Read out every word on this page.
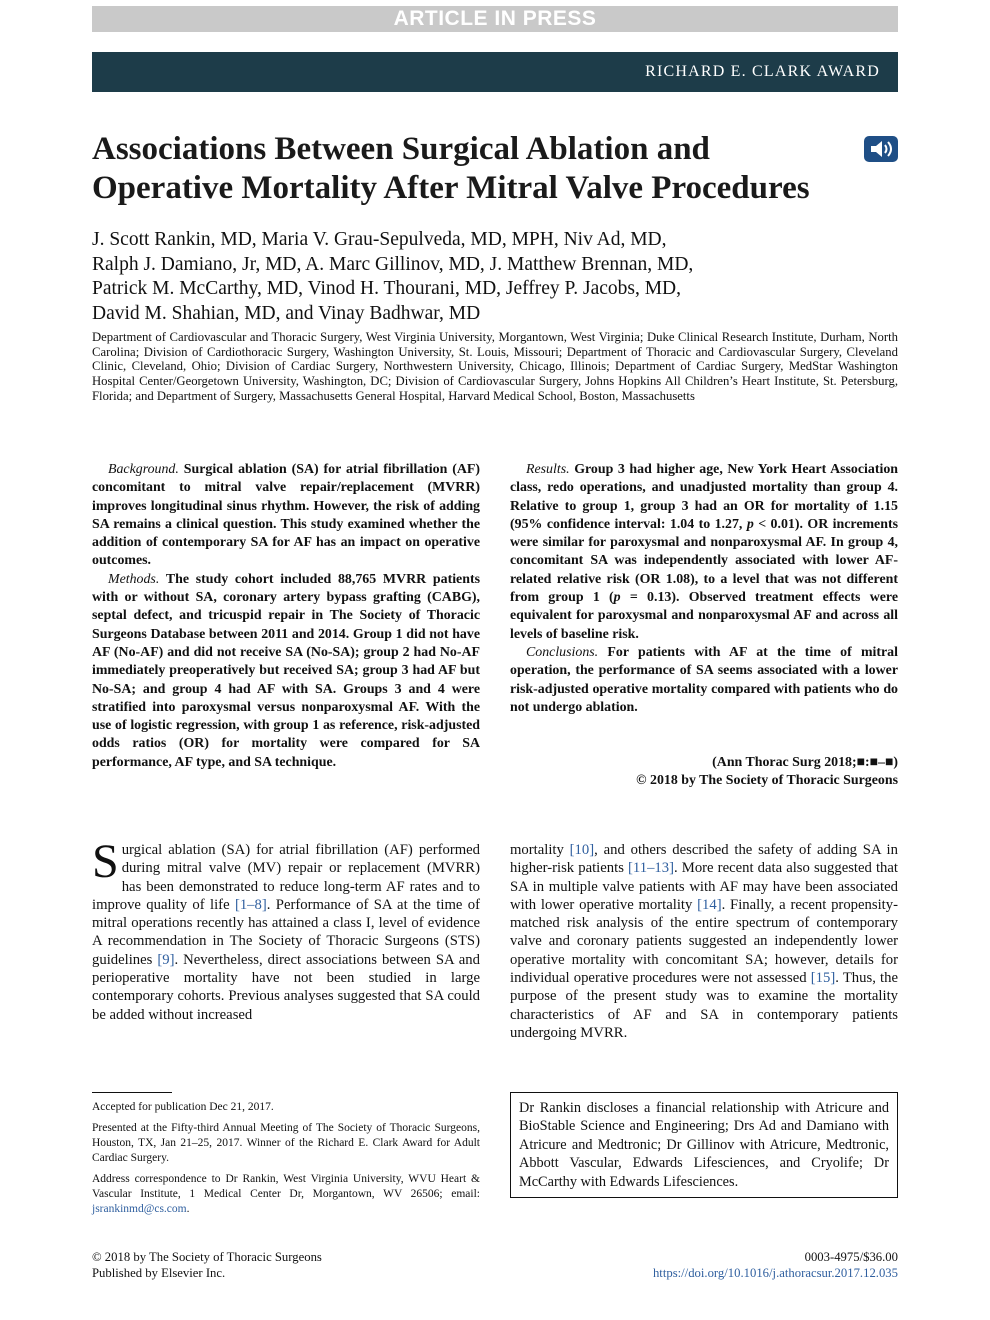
ARTICLE IN PRESS
RICHARD E. CLARK AWARD
Associations Between Surgical Ablation and
Operative Mortality After Mitral Valve Procedures
J. Scott Rankin, MD, Maria V. Grau-Sepulveda, MD, MPH, Niv Ad, MD,
Ralph J. Damiano, Jr, MD, A. Marc Gillinov, MD, J. Matthew Brennan, MD,
Patrick M. McCarthy, MD, Vinod H. Thourani, MD, Jeffrey P. Jacobs, MD,
David M. Shahian, MD, and Vinay Badhwar, MD
Department of Cardiovascular and Thoracic Surgery, West Virginia University, Morgantown, West Virginia; Duke Clinical Research Institute, Durham, North Carolina; Division of Cardiothoracic Surgery, Washington University, St. Louis, Missouri; Department of Thoracic and Cardiovascular Surgery, Cleveland Clinic, Cleveland, Ohio; Division of Cardiac Surgery, Northwestern University, Chicago, Illinois; Department of Cardiac Surgery, MedStar Washington Hospital Center/Georgetown University, Washington, DC; Division of Cardiovascular Surgery, Johns Hopkins All Children’s Heart Institute, St. Petersburg, Florida; and Department of Surgery, Massachusetts General Hospital, Harvard Medical School, Boston, Massachusetts

Background. Surgical ablation (SA) for atrial fibrillation (AF) concomitant to mitral valve repair/replacement (MVRR) improves longitudinal sinus rhythm. However, the risk of adding SA remains a clinical question. This study examined whether the addition of contemporary SA for AF has an impact on operative outcomes.

Methods. The study cohort included 88,765 MVRR patients with or without SA, coronary artery bypass grafting (CABG), septal defect, and tricuspid repair in The Society of Thoracic Surgeons Database between 2011 and 2014. Group 1 did not have AF (No-AF) and did not receive SA (No-SA); group 2 had No-AF immediately preoperatively but received SA; group 3 had AF but No-SA; and group 4 had AF with SA. Groups 3 and 4 were stratified into paroxysmal versus nonparoxysmal AF. With the use of logistic regression, with group 1 as reference, risk-adjusted odds ratios (OR) for mortality were compared for SA performance, AF type, and SA technique.

Results. Group 3 had higher age, New York Heart Association class, redo operations, and unadjusted mortality than group 4. Relative to group 1, group 3 had an OR for mortality of 1.15 (95% confidence interval: 1.04 to 1.27, p < 0.01). OR increments were similar for paroxysmal and nonparoxysmal AF. In group 4, concomitant SA was independently associated with lower AF-related relative risk (OR 1.08), to a level that was not different from group 1 (p = 0.13). Observed treatment effects were equivalent for paroxysmal and nonparoxysmal AF and across all levels of baseline risk.

Conclusions. For patients with AF at the time of mitral operation, the performance of SA seems associated with a lower risk-adjusted operative mortality compared with patients who do not undergo ablation.

(Ann Thorac Surg 2018;■:■–■)
© 2018 by The Society of Thoracic Surgeons
Surgical ablation (SA) for atrial fibrillation (AF) performed during mitral valve (MV) repair or replacement (MVRR) has been demonstrated to reduce long-term AF rates and to improve quality of life [1–8]. Performance of SA at the time of mitral operations recently has attained a class I, level of evidence A recommendation in The Society of Thoracic Surgeons (STS) guidelines [9]. Nevertheless, direct associations between SA and perioperative mortality have not been studied in large contemporary cohorts. Previous analyses suggested that SA could be added without increased
mortality [10], and others described the safety of adding SA in higher-risk patients [11–13]. More recent data also suggested that SA in multiple valve patients with AF may have been associated with lower operative mortality [14]. Finally, a recent propensity-matched risk analysis of the entire spectrum of contemporary valve and coronary patients suggested an independently lower operative mortality with concomitant SA; however, details for individual operative procedures were not assessed [15]. Thus, the purpose of the present study was to examine the mortality characteristics of AF and SA in contemporary patients undergoing MVRR.

Accepted for publication Dec 21, 2017.

Presented at the Fifty-third Annual Meeting of The Society of Thoracic Surgeons, Houston, TX, Jan 21–25, 2017. Winner of the Richard E. Clark Award for Adult Cardiac Surgery.

Address correspondence to Dr Rankin, West Virginia University, WVU Heart & Vascular Institute, 1 Medical Center Dr, Morgantown, WV 26506; email: jsrankinmd@cs.com.

Dr Rankin discloses a financial relationship with Atricure and BioStable Science and Engineering; Drs Ad and Damiano with Atricure and Medtronic; Dr Gillinov with Atricure, Medtronic, Abbott Vascular, Edwards Lifesciences, and Cryolife; Dr McCarthy with Edwards Lifesciences.
© 2018 by The Society of Thoracic Surgeons
Published by Elsevier Inc.
0003-4975/$36.00
https://doi.org/10.1016/j.athoracsur.2017.12.035
